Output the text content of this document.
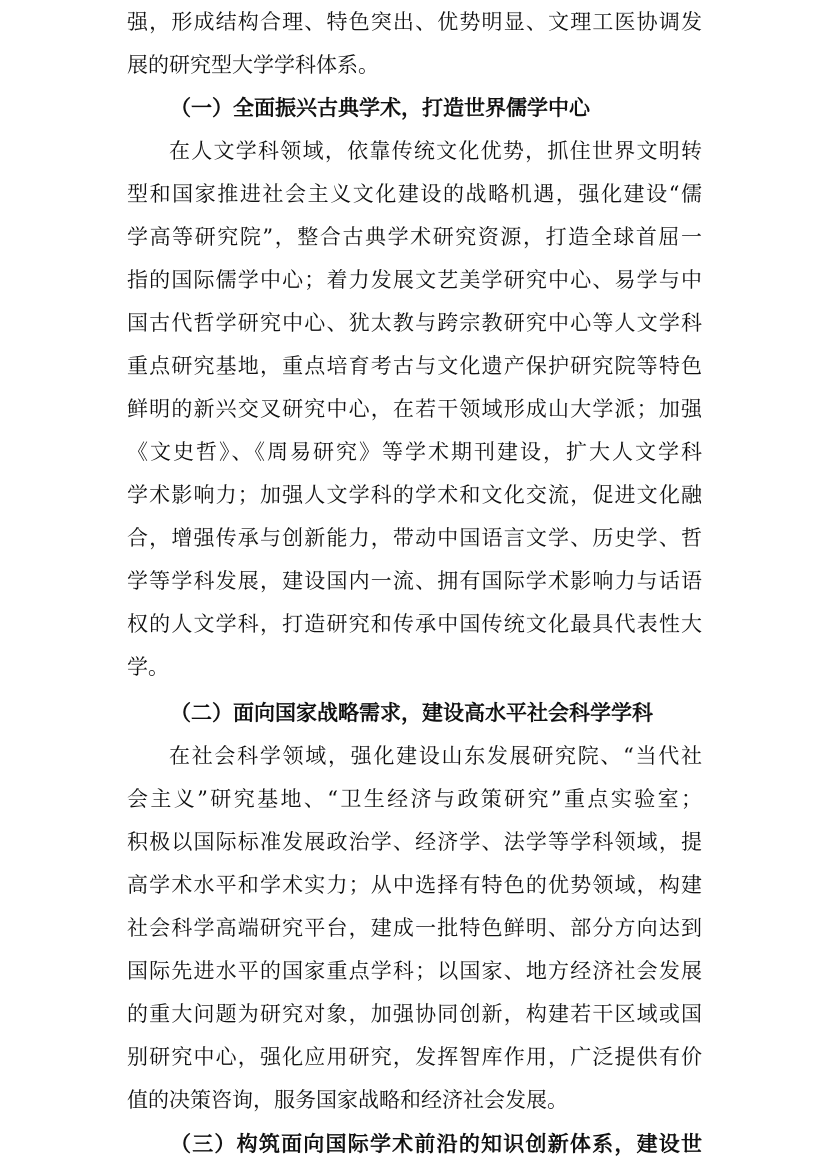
强，形成结构合理、特色突出、优势明显、文理工医协调发
展的研究型大学学科体系。
（一）全面振兴古典学术，打造世界儒学中心
在人文学科领域，依靠传统文化优势，抓住世界文明转
型和国家推进社会主义文化建设的战略机遇，强化建设“儒
学高等研究院”，整合古典学术研究资源，打造全球首屈一
指的国际儒学中心；着力发展文艺美学研究中心、易学与中
国古代哲学研究中心、犹太教与跨宗教研究中心等人文学科
重点研究基地，重点培育考古与文化遗产保护研究院等特色
鲜明的新兴交叉研究中心，在若干领域形成山大学派；加强
《文史哲》、《周易研究》等学术期刊建设，扩大人文学科
学术影响力；加强人文学科的学术和文化交流，促进文化融
合，增强传承与创新能力，带动中国语言文学、历史学、哲
学等学科发展，建设国内一流、拥有国际学术影响力与话语
权的人文学科，打造研究和传承中国传统文化最具代表性大
学。
（二）面向国家战略需求，建设高水平社会科学学科
在社会科学领域，强化建设山东发展研究院、“当代社
会主义”研究基地、“卫生经济与政策研究”重点实验室；
积极以国际标准发展政治学、经济学、法学等学科领域，提
高学术水平和学术实力；从中选择有特色的优势领域，构建
社会科学高端研究平台，建成一批特色鲜明、部分方向达到
国际先进水平的国家重点学科；以国家、地方经济社会发展
的重大问题为研究对象，加强协同创新，构建若干区域或国
别研究中心，强化应用研究，发挥智库作用，广泛提供有价
值的决策咨询，服务国家战略和经济社会发展。
（三）构筑面向国际学术前沿的知识创新体系，建设世
